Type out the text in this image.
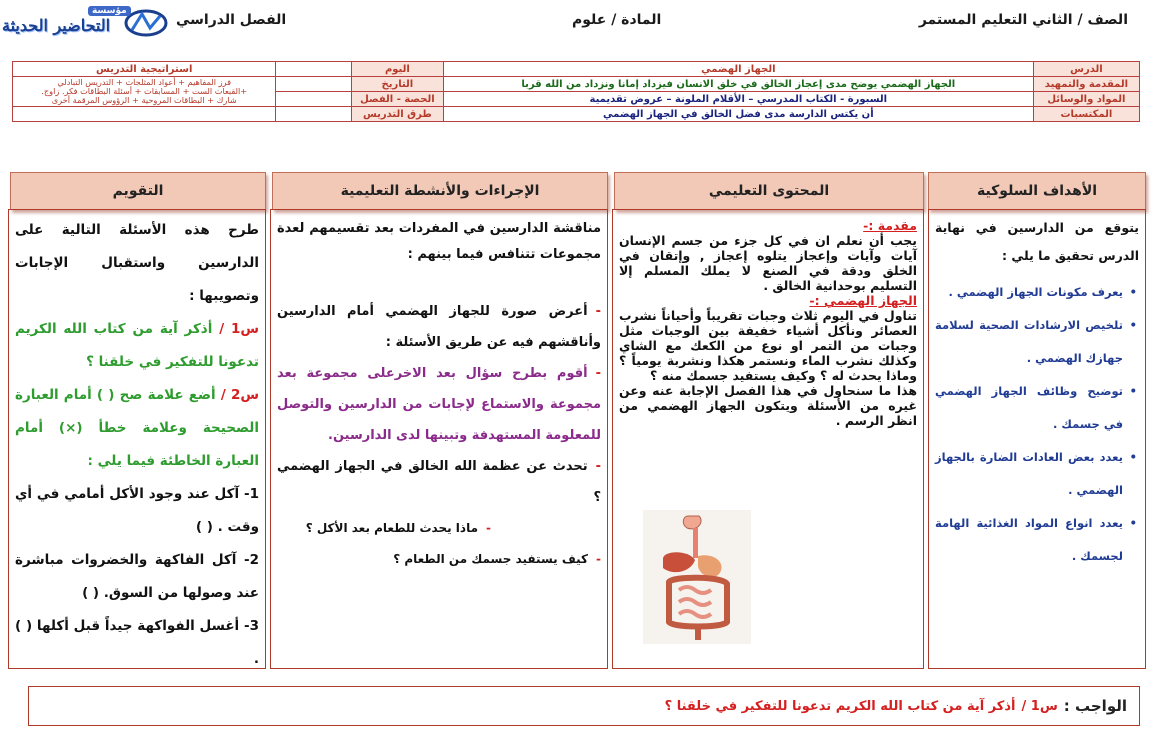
الصف / الثاني التعليم المستمر
المادة / علوم
الفصل الدراسي
التحاضير الحديثة
مؤسسة
الدرس	الجهاز الهضمي	اليوم		استراتيجية التدريس
المقدمة والتمهيد	الجهاز الهضمي يوضح مدى إعجاز الخالق في خلق الانسان فيزداد إمانا ونزداد من الله قربا	التاريخ		فرز المفاهيم + أعواد المثلجات + التدريس التبادلي
+القبعات الست + المسابقات + أسئلة البطاقات فكر. زاوج.
شارك + البطاقات المروحية + الرؤوس المرقمة أخرى

المواد والوسائل	السبورة - الكتاب المدرسي – الأقلام الملونة – عروض تقديمية	الحصة - الفصل		
المكتسبات	أن يكتس الدارسة مدى فضل الخالق في الجهاز الهضمي	طرق التدريس		
الأهداف السلوكية
المحتوى التعليمي
الإجراءات والأنشطة التعليمية
التقويم
يتوقع من الدارسين في نهاية الدرس تحقيق ما يلي :
• يعرف مكونات الجهاز الهضمي .
• تلخيص الارشادات الصحية لسلامة جهازك الهضمي .
• توضيح وظائف الجهاز الهضمي في جسمك .
• يعدد بعض العادات الضارة بالجهاز الهضمي .
• يعدد انواع المواد الغذائية الهامة لجسمك .
مقدمة :-
يجب أن نعلم ان في كل جزء من جسم الإنسان آيات وآيات وإعجاز يتلوه إعجاز , وإتقان في الخلق ودقة في الصنع لا يملك المسلم إلا التسليم بوحدانية الخالق .
الجهاز الهضمي :-
تناول في اليوم ثلاث وجبات تقريباً وأحياناً نشرب العصائر ونأكل أشياء خفيفة بين الوجبات مثل وجبات من التمر او نوع من الكعك مع الشاي وكذلك نشرب الماء ونستمر هكذا ونشربة يومياً ؟ وماذا يحدث له ؟ وكيف يستفيد جسمك منه ؟
هذا ما سنحاول في هذا الفصل الإجابة عنه وعن غيره من الأسئلة ويتكون الجهاز الهضمي من انظر الرسم .
مناقشة الدارسين في المفردات بعد تقسيمهم لعدة مجموعات تتنافس فيما بينهم :
-أعرض صورة للجهاز الهضمي أمام الدارسين وأناقشهم فيه عن طريق الأسئلة :
-أقوم بطرح سؤال بعد الاخرعلى مجموعة بعد مجموعة والاستماع لإجابات من الدارسين والتوصل للمعلومة المستهدفة وتبينها لدى الدارسين.
-تحدث عن عظمة الله الخالق في الجهاز الهضمي ؟
-ماذا يحدث للطعام بعد الأكل ؟
-كيف يستفيد جسمك من الطعام ؟
طرح هذه الأسئلة التالية على الدارسين واستقبال الإجابات وتصويبها :
س1 / أذكر آية من كتاب الله الكريم تدعونا للتفكير في خلقنا ؟
س2 / أضع علامة صح ( ) أمام العبارة الصحيحة وعلامة خطأ (×) أمام العبارة الخاطئة فيما يلي :
1- آكل عند وجود الأكل أمامي في أي وقت . ( )
2- آكل الفاكهة والخضروات مباشرة عند وصولها من السوق. ( )
3- أغسل الفواكهة جيداً قبل أكلها ( ) .
الواجب :
س1 /
أذكر آية من كتاب الله الكريم تدعونا للتفكير في خلقنا ؟
